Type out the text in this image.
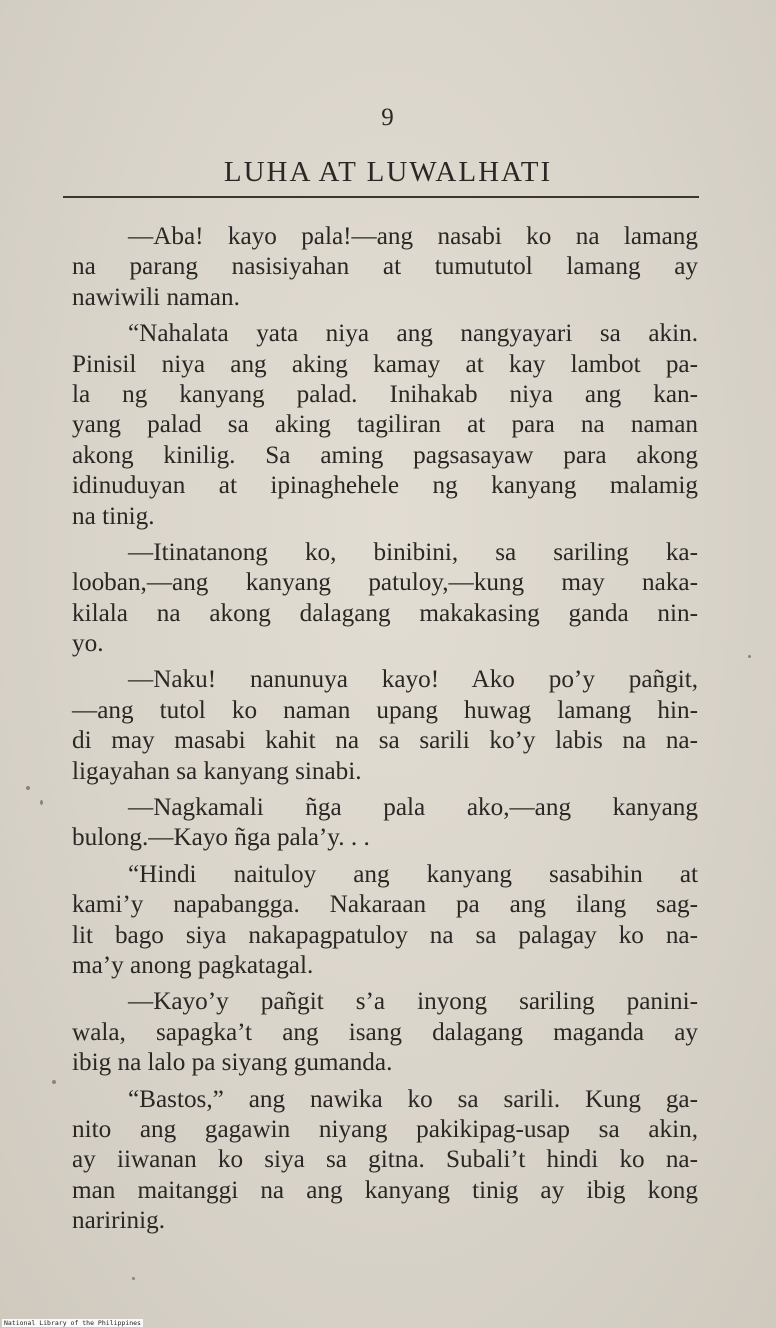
9
LUHA AT LUWALHATI
—Aba! kayo pala!—ang nasabi ko na lamang
na parang nasisiyahan at tumututol lamang ay
nawiwili naman.
“Nahalata yata niya ang nangyayari sa akin.
Pinisil niya ang aking kamay at kay lambot pa-
la ng kanyang palad. Inihakab niya ang kan-
yang palad sa aking tagiliran at para na naman
akong kinilig. Sa aming pagsasayaw para akong
idinuduyan at ipinaghehele ng kanyang malamig
na tinig.
—Itinatanong ko, binibini, sa sariling ka-
looban,—ang kanyang patuloy,—kung may naka-
kilala na akong dalagang makakasing ganda nin-
yo.
—Naku! nanunuya kayo! Ako po’y pañgit,
—ang tutol ko naman upang huwag lamang hin-
di may masabi kahit na sa sarili ko’y labis na na-
ligayahan sa kanyang sinabi.
—Nagkamali ñga pala ako,—ang kanyang
bulong.—Kayo ñga pala’y. . .
“Hindi naituloy ang kanyang sasabihin at
kami’y napabangga. Nakaraan pa ang ilang sag-
lit bago siya nakapagpatuloy na sa palagay ko na-
ma’y anong pagkatagal.
—Kayo’y pañgit s’a inyong sariling panini-
wala, sapagka’t ang isang dalagang maganda ay
ibig na lalo pa siyang gumanda.
“Bastos,” ang nawika ko sa sarili. Kung ga-
nito ang gagawin niyang pakikipag-usap sa akin,
ay iiwanan ko siya sa gitna. Subali’t hindi ko na-
man maitanggi na ang kanyang tinig ay ibig kong
naririnig.
National Library of the Philippines
